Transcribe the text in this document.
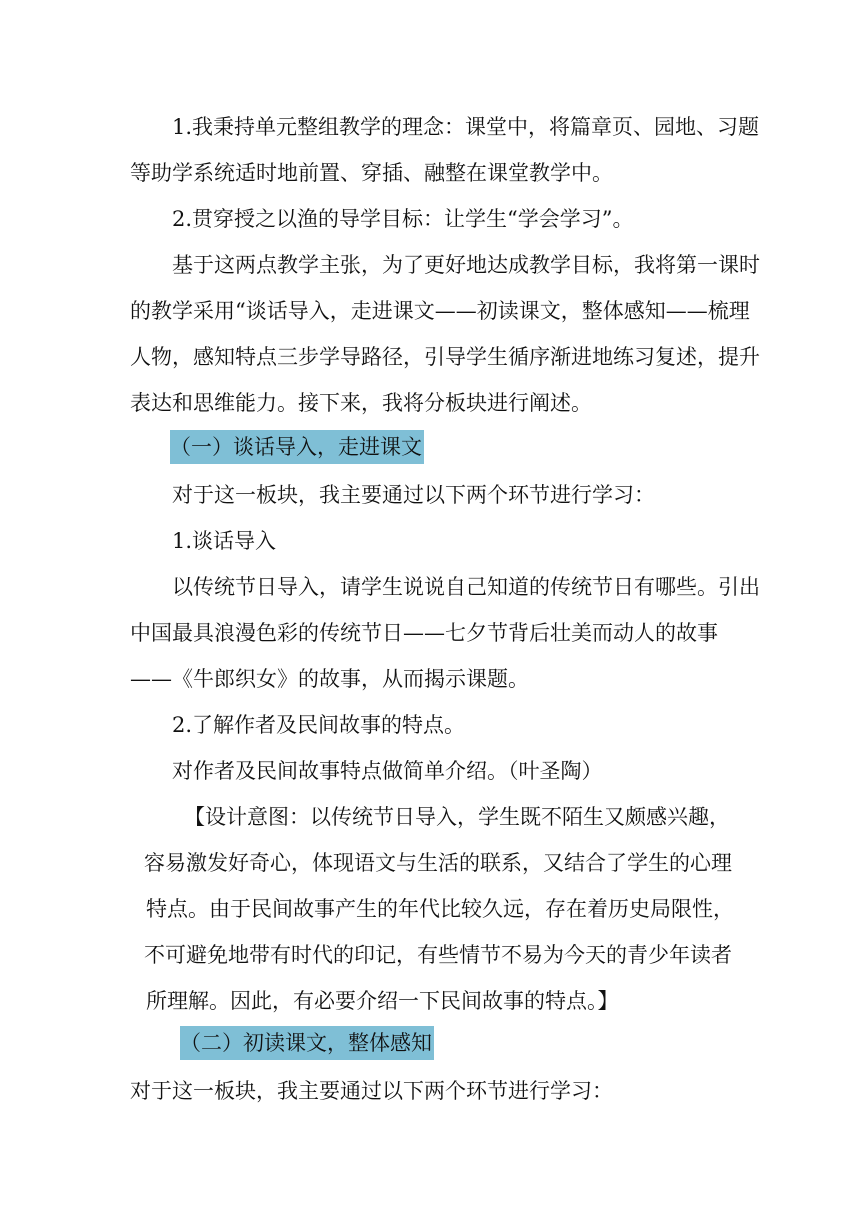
1.我秉持单元整组教学的理念：课堂中，将篇章页、园地、习题
等助学系统适时地前置、穿插、融整在课堂教学中。
2.贯穿授之以渔的导学目标：让学生“学会学习”。
基于这两点教学主张，为了更好地达成教学目标，我将第一课时
的教学采用“谈话导入，走进课文——初读课文，整体感知——梳理
人物，感知特点三步学导路径，引导学生循序渐进地练习复述，提升
表达和思维能力。接下来，我将分板块进行阐述。
（一）谈话导入，走进课文
对于这一板块，我主要通过以下两个环节进行学习：
1.谈话导入
以传统节日导入，请学生说说自己知道的传统节日有哪些。引出
中国最具浪漫色彩的传统节日——七夕节背后壮美而动人的故事
——《牛郎织女》的故事，从而揭示课题。
2.了解作者及民间故事的特点。
对作者及民间故事特点做简单介绍。（叶圣陶）
【设计意图：以传统节日导入，学生既不陌生又颇感兴趣，
容易激发好奇心，体现语文与生活的联系，又结合了学生的心理
特点。由于民间故事产生的年代比较久远，存在着历史局限性，
不可避免地带有时代的印记，有些情节不易为今天的青少年读者
所理解。因此，有必要介绍一下民间故事的特点。】
（二）初读课文，整体感知
对于这一板块，我主要通过以下两个环节进行学习：
